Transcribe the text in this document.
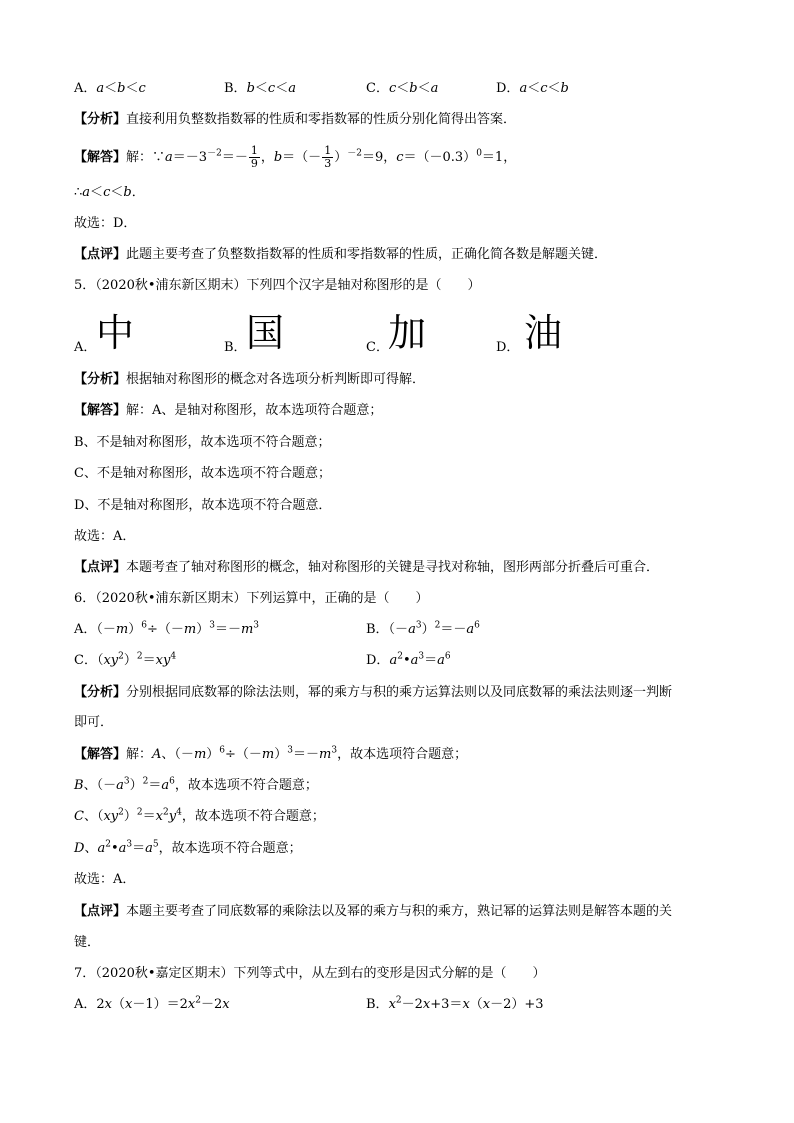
A．a＜b＜c	B．b＜c＜a	C．c＜b＜a	D．a＜c＜b
【分析】直接利用负整数指数幂的性质和零指数幂的性质分别化简得出答案．
【解答】解：$\because a=-3^{-2}=- \frac{1}{9}$ ，$b=(- \frac{1}{3} )^{-2}=9$，$c=(-0.3)^0=1$，
∴a＜c＜b．
故选：D．
【点评】此题主要考查了负整数指数幂的性质和零指数幂的性质，正确化简各数是解题关键．
5．（2020秋•浦东新区期末）下列四个汉字是轴对称图形的是（　　）
A． 中	B． 国	C． 加	D． 油
【分析】根据轴对称图形的概念对各选项分析判断即可得解．
【解答】解：A、是轴对称图形，故本选项符合题意；
B、不是轴对称图形，故本选项不符合题意；
C、不是轴对称图形，故本选项不符合题意；
D、不是轴对称图形，故本选项不符合题意．
故选：A．
【点评】本题考查了轴对称图形的概念，轴对称图形的关键是寻找对称轴，图形两部分折叠后可重合．
6．（2020秋•浦东新区期末）下列运算中，正确的是（　　）
A．$(-m)^6\div(-m)^3=-m^3$	B．$(-a^3)^2=-a^6$
C．$(xy^2)^2=xy^4$	D．$a^2•a^3=a^6$
【分析】分别根据同底数幂的除法法则，幂的乘方与积的乘方运算法则以及同底数幂的乘法法则逐一判断
即可．
【解答】解：A、$(-m)^6\div(-m)^3=-m^3$，故本选项符合题意；
B、$(-a^3)^2=a^6$，故本选项不符合题意；
C、$(xy^2)^2=x^2y^4$，故本选项不符合题意；
D、$a^2•a^3=a^5$，故本选项不符合题意；
故选：A．
【点评】本题主要考查了同底数幂的乘除法以及幂的乘方与积的乘方，熟记幂的运算法则是解答本题的关
键．
7．（2020秋•嘉定区期末）下列等式中，从左到右的变形是因式分解的是（　　）
A．$2x(x-1)=2x^2-2x$	B．$x^2-2x+3=x(x-2)+3$
